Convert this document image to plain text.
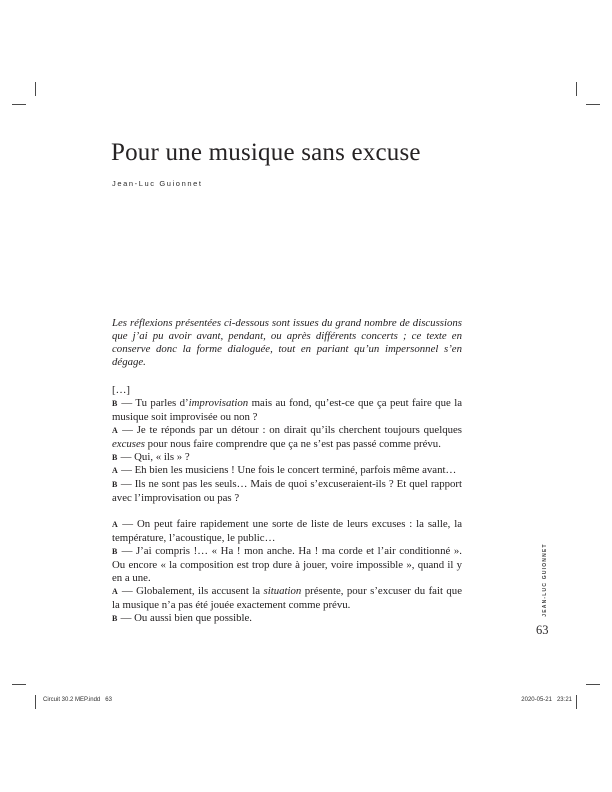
Pour une musique sans excuse
Jean-Luc Guionnet
Les réflexions présentées ci-dessous sont issues du grand nombre de discussions que j’ai pu avoir avant, pendant, ou après différents concerts ; ce texte en conserve donc la forme dialoguée, tout en pariant qu’un impersonnel s’en dégage.
[…]
B — Tu parles d’improvisation mais au fond, qu’est-ce que ça peut faire que la musique soit improvisée ou non ?
A — Je te réponds par un détour : on dirait qu’ils cherchent toujours quelques excuses pour nous faire comprendre que ça ne s’est pas passé comme prévu.
B — Qui, « ils » ?
A — Eh bien les musiciens ! Une fois le concert terminé, parfois même avant…
B — Ils ne sont pas les seuls… Mais de quoi s’excuseraient-ils ? Et quel rapport avec l’improvisation ou pas ?
A — On peut faire rapidement une sorte de liste de leurs excuses : la salle, la température, l’acoustique, le public…
B — J’ai compris !… « Ha ! mon anche. Ha ! ma corde et l’air conditionné ». Ou encore « la composition est trop dure à jouer, voire impossible », quand il y en a une.
A — Globalement, ils accusent la situation présente, pour s’excuser du fait que la musique n’a pas été jouée exactement comme prévu.
B — Ou aussi bien que possible.
JEAN-LUC GUIONNET
63
Circuit 30.2 MEP.indd   63	2020-05-21   23:21
